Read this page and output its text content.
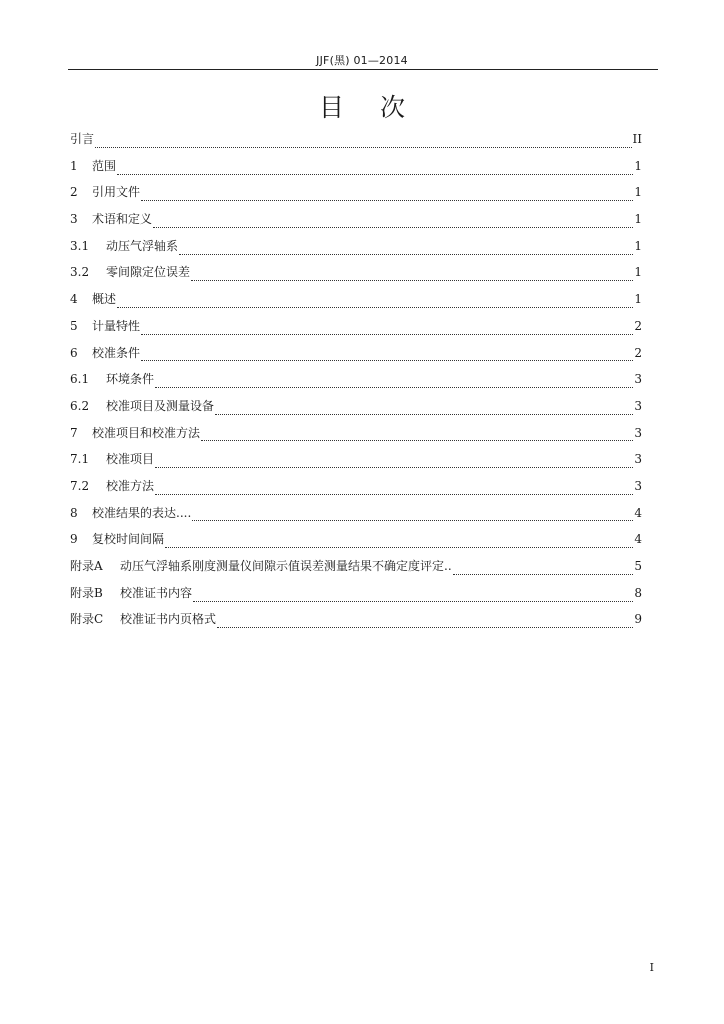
JJF(黑) 01—2014
目次
引言	II
1	范围	1
2	引用文件	1
3	术语和定义	1
3.1	动压气浮轴系	1
3.2	零间隙定位误差	1
4	概述	1
5	计量特性	2
6	校准条件	2
6.1	环境条件	3
6.2	校准项目及测量设备	3
7	校准项目和校准方法	3
7.1	校准项目	3
7.2	校准方法	3
8	校准结果的表达....	4
9	复校时间间隔	4
附录A	动压气浮轴系刚度测量仪间隙示值误差测量结果不确定度评定..	5
附录B	校准证书内容	8
附录C	校准证书内页格式	9
I
